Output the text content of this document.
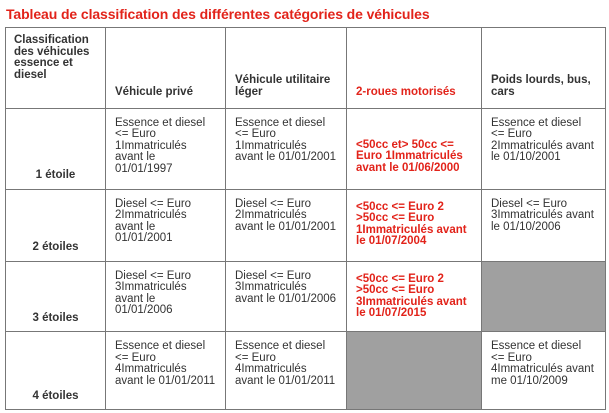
Tableau de classification des différentes catégories de véhicules
Classification des véhicules essence et diesel	Véhicule privé	Véhicule utilitaire léger	2-roues motorisés	Poids lourds, bus, cars
1 étoile	Essence et diesel <= Euro 1Immatriculés avant le 01/01/1997	Essence et diesel <= Euro 1Immatriculés avant le 01/01/2001	<50cc et> 50cc <= Euro 1Immatriculés avant le 01/06/2000	Essence et diesel <= Euro 2Immatriculés avant le 01/10/2001
2 étoiles	Diesel <= Euro 2Immatriculés avant le 01/01/2001	Diesel <= Euro 2Immatriculés avant le 01/01/2001	<50cc <= Euro 2 >50cc <= Euro 1Immatriculés avant le 01/07/2004	Diesel <= Euro 3Immatriculés avant le 01/10/2006
3 étoiles	Diesel <= Euro 3Immatriculés avant le 01/01/2006	Diesel <= Euro 3Immatriculés avant le 01/01/2006	<50cc <= Euro 2 >50cc <= Euro 3Immatriculés avant le 01/07/2015	
4 étoiles	Essence et diesel <= Euro 4Immatriculés avant le 01/01/2011	Essence et diesel <= Euro 4Immatriculés avant le 01/01/2011		Essence et diesel <= Euro 4Immatriculés avant me 01/10/2009
